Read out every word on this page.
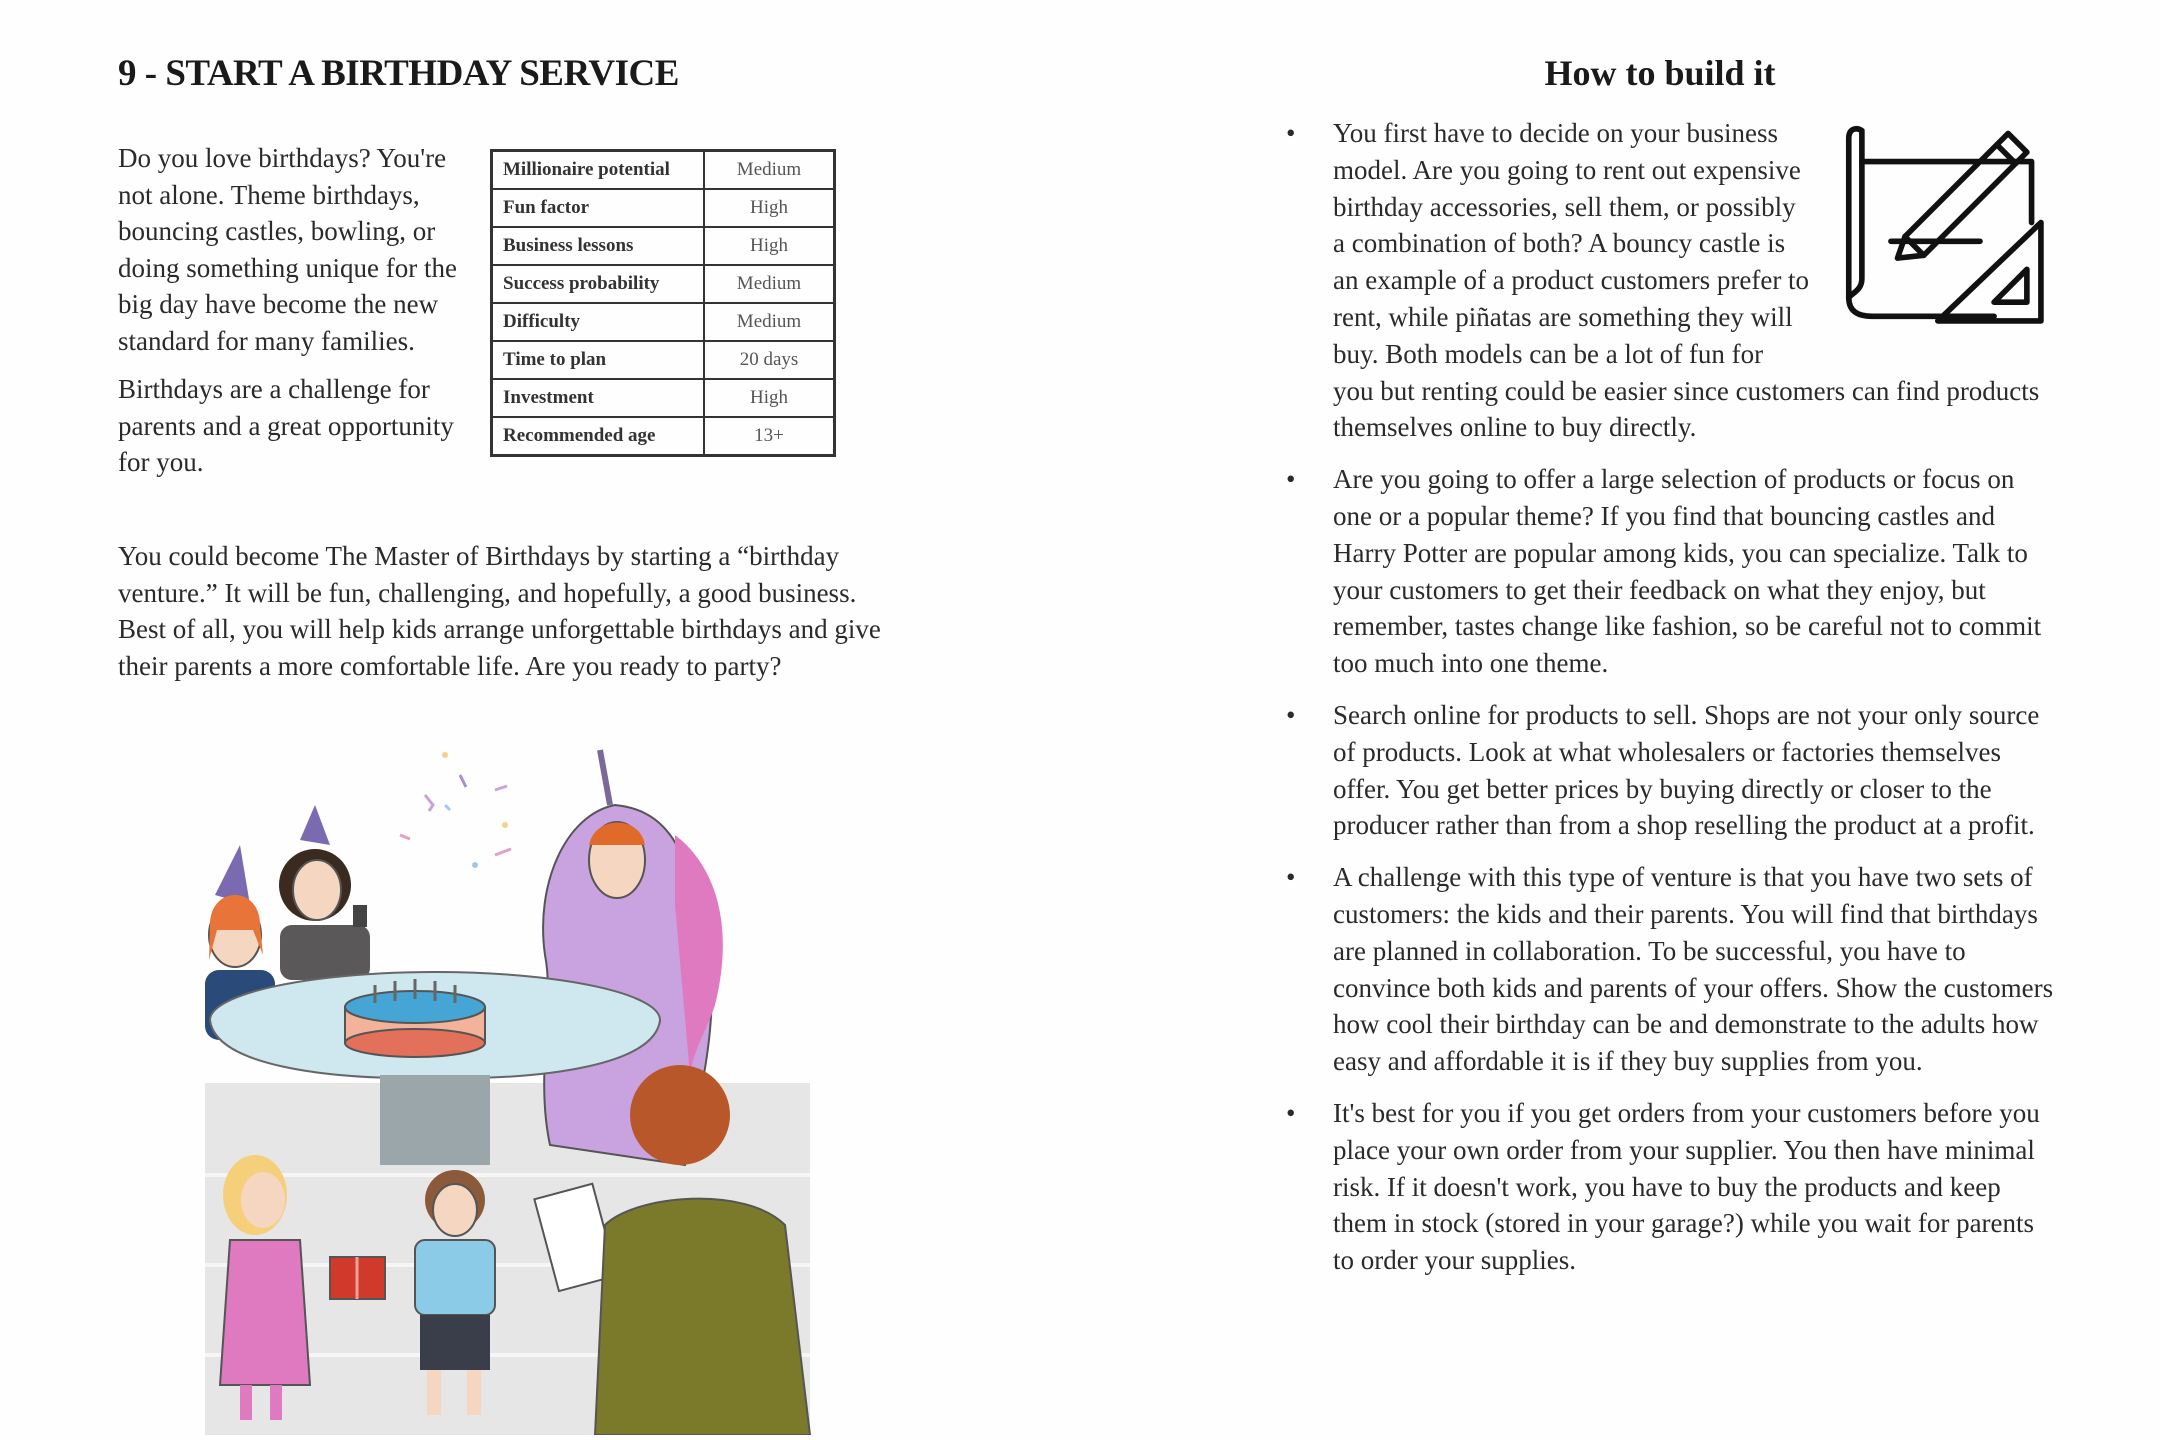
9 - START A BIRTHDAY SERVICE

Do you love birthdays? You're not alone. Theme birthdays, bouncing castles, bowling, or doing something unique for the big day have become the new standard for many families.

Birthdays are a challenge for parents and a great opportunity for you.

Millionaire potential	Medium
Fun factor	High
Business lessons	High
Success probability	Medium
Difficulty	Medium
Time to plan	20 days
Investment	High
Recommended age	13+

You could become The Master of Birthdays by starting a “birthday venture.” It will be fun, challenging, and hopefully, a good business. Best of all, you will help kids arrange unforgettable birthdays and give their parents a more comfortable life. Are you ready to party?

How to build it
• You first have to decide on your business model. Are you going to rent out expensive birthday accessories, sell them, or possibly a combination of both? A bouncy castle is an example of a product customers prefer to rent, while piñatas are something they will buy. Both models can be a lot of fun for you but renting could be easier since customers can find products themselves online to buy directly.
• Are you going to offer a large selection of products or focus on one or a popular theme? If you find that bouncing castles and Harry Potter are popular among kids, you can specialize. Talk to your customers to get their feedback on what they enjoy, but remember, tastes change like fashion, so be careful not to commit too much into one theme.
• Search online for products to sell. Shops are not your only source of products. Look at what wholesalers or factories themselves offer. You get better prices by buying directly or closer to the producer rather than from a shop reselling the product at a profit.
• A challenge with this type of venture is that you have two sets of customers: the kids and their parents. You will find that birthdays are planned in collaboration. To be successful, you have to convince both kids and parents of your offers. Show the customers how cool their birthday can be and demonstrate to the adults how easy and affordable it is if they buy supplies from you.
• It's best for you if you get orders from your customers before you place your own order from your supplier. You then have minimal risk. If it doesn't work, you have to buy the products and keep them in stock (stored in your garage?) while you wait for parents to order your supplies.
